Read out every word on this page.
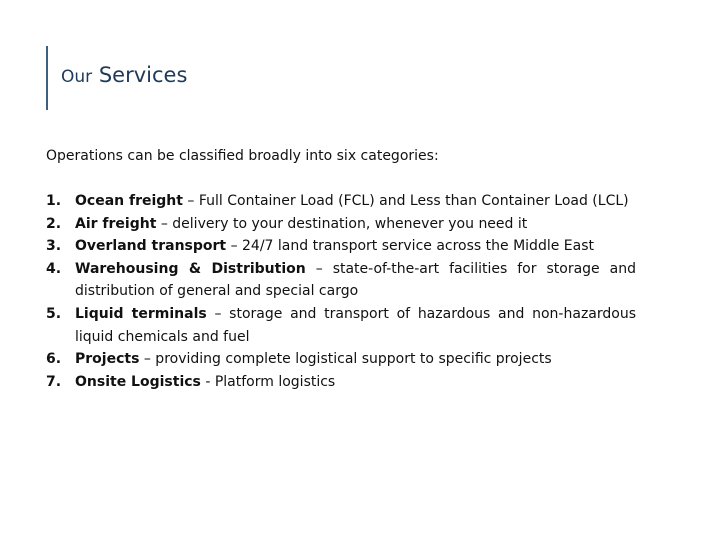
Our Services
Operations can be classified broadly into six categories:
1. Ocean freight – Full Container Load (FCL) and Less than Container Load (LCL)
2. Air freight – delivery to your destination, whenever you need it
3. Overland transport – 24/7 land transport service across the Middle East
4. Warehousing & Distribution – state-of-the-art facilities for storage and distribution of general and special cargo
5. Liquid terminals – storage and transport of hazardous and non-hazardous liquid chemicals and fuel
6. Projects – providing complete logistical support to specific projects
7. Onsite Logistics - Platform logistics
